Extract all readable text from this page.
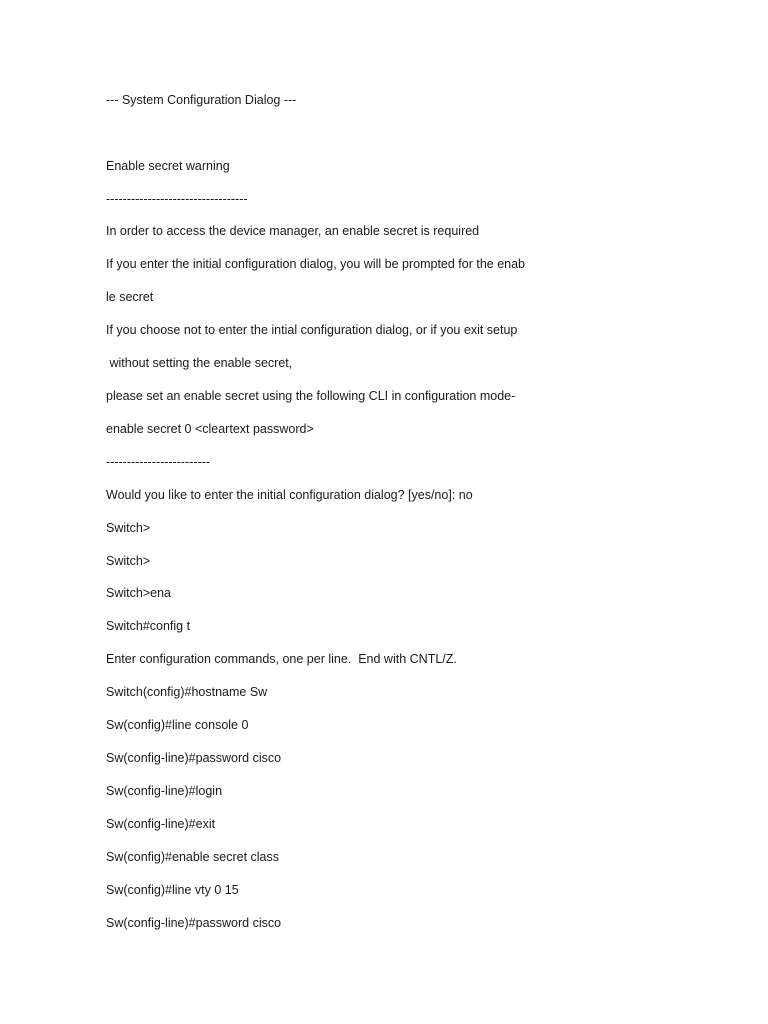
--- System Configuration Dialog ---
Enable secret warning
----------------------------------
In order to access the device manager, an enable secret is required
If you enter the initial configuration dialog, you will be prompted for the enab
le secret
If you choose not to enter the intial configuration dialog, or if you exit setup
without setting the enable secret,
please set an enable secret using the following CLI in configuration mode-
enable secret 0 <cleartext password>
-------------------------
Would you like to enter the initial configuration dialog? [yes/no]: no
Switch>
Switch>
Switch>ena
Switch#config t
Enter configuration commands, one per line.  End with CNTL/Z.
Switch(config)#hostname Sw
Sw(config)#line console 0
Sw(config-line)#password cisco
Sw(config-line)#login
Sw(config-line)#exit
Sw(config)#enable secret class
Sw(config)#line vty 0 15
Sw(config-line)#password cisco
